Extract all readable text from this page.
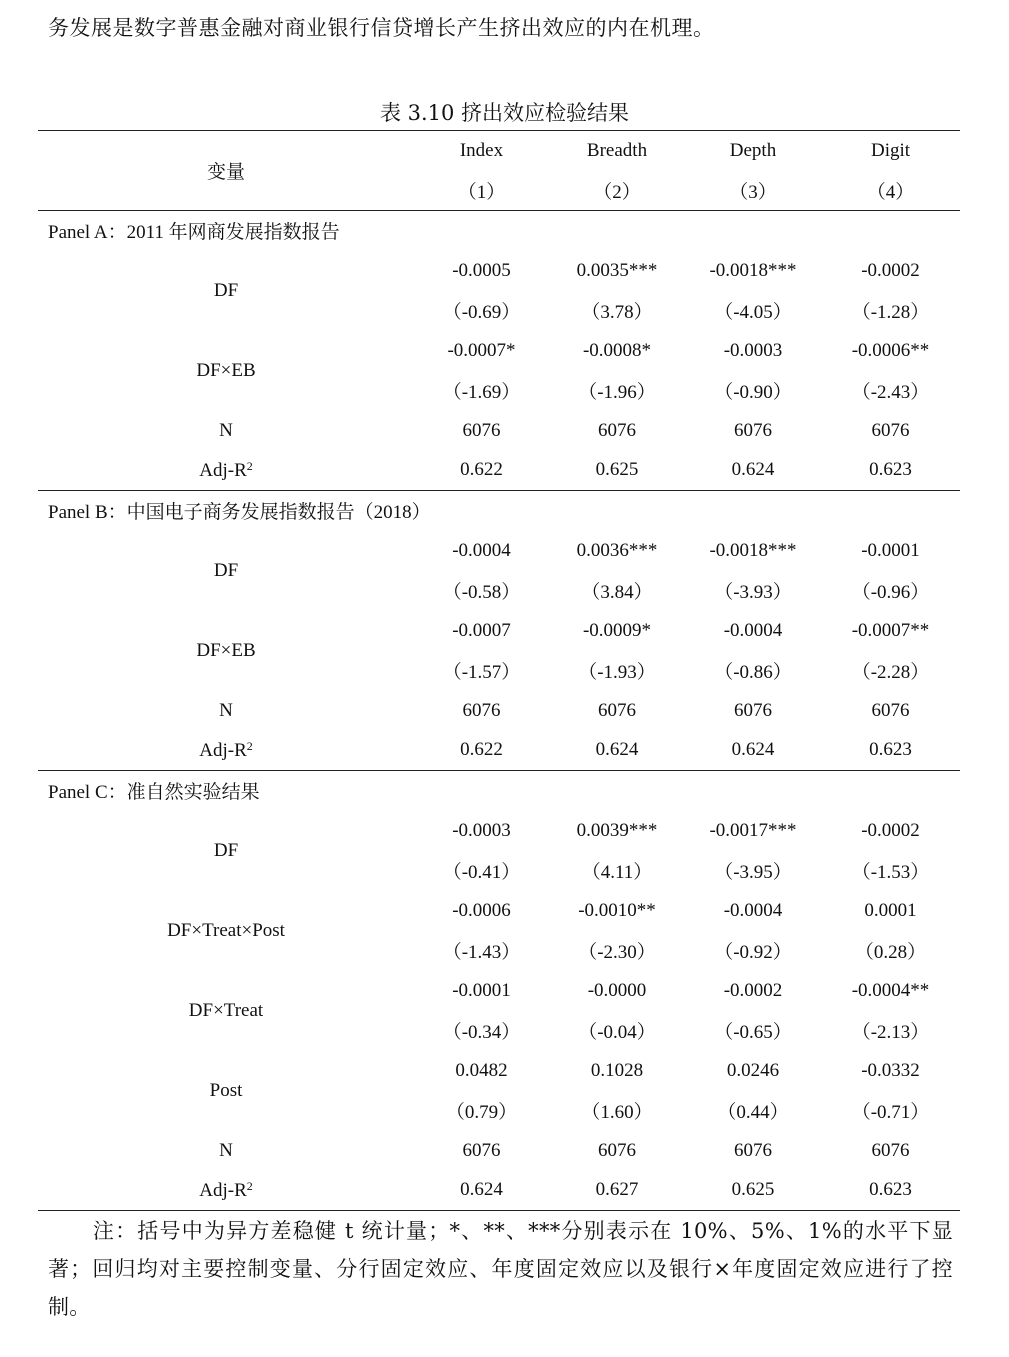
务发展是数字普惠金融对商业银行信贷增长产生挤出效应的内在机理。

表 3.10 挤出效应检验结果

变量	Index	Breadth	Depth	Digit
	（1）	（2）	（3）	（4）
Panel A：2011 年网商发展指数报告				
DF	-0.0005	0.0035***	-0.0018***	-0.0002
	（-0.69）	（3.78）	（-4.05）	（-1.28）
DF×EB	-0.0007*	-0.0008*	-0.0003	-0.0006**
	（-1.69）	（-1.96）	（-0.90）	（-2.43）
N	6076	6076	6076	6076
Adj-$R^2$	0.622	0.625	0.624	0.623
Panel B：中国电子商务发展指数报告（2018）				
DF	-0.0004	0.0036***	-0.0018***	-0.0001
	（-0.58）	（3.84）	（-3.93）	（-0.96）
DF×EB	-0.0007	-0.0009*	-0.0004	-0.0007**
	（-1.57）	（-1.93）	（-0.86）	（-2.28）
N	6076	6076	6076	6076
Adj-$R^2$	0.622	0.624	0.624	0.623
Panel C：准自然实验结果				
DF	-0.0003	0.0039***	-0.0017***	-0.0002
	（-0.41）	（4.11）	（-3.95）	（-1.53）
DF×Treat×Post	-0.0006	-0.0010**	-0.0004	0.0001
	（-1.43）	（-2.30）	（-0.92）	（0.28）
DF×Treat	-0.0001	-0.0000	-0.0002	-0.0004**
	（-0.34）	（-0.04）	（-0.65）	（-2.13）
Post	0.0482	0.1028	0.0246	-0.0332
	（0.79）	（1.60）	（0.44）	（-0.71）
N	6076	6076	6076	6076
Adj-$R^2$	0.624	0.627	0.625	0.623

注：括号中为异方差稳健 t 统计量；*、**、***分别表示在 10%、5%、1%的水平下显著；回归均对主要控制变量、分行固定效应、年度固定效应以及银行×年度固定效应进行了控制。
